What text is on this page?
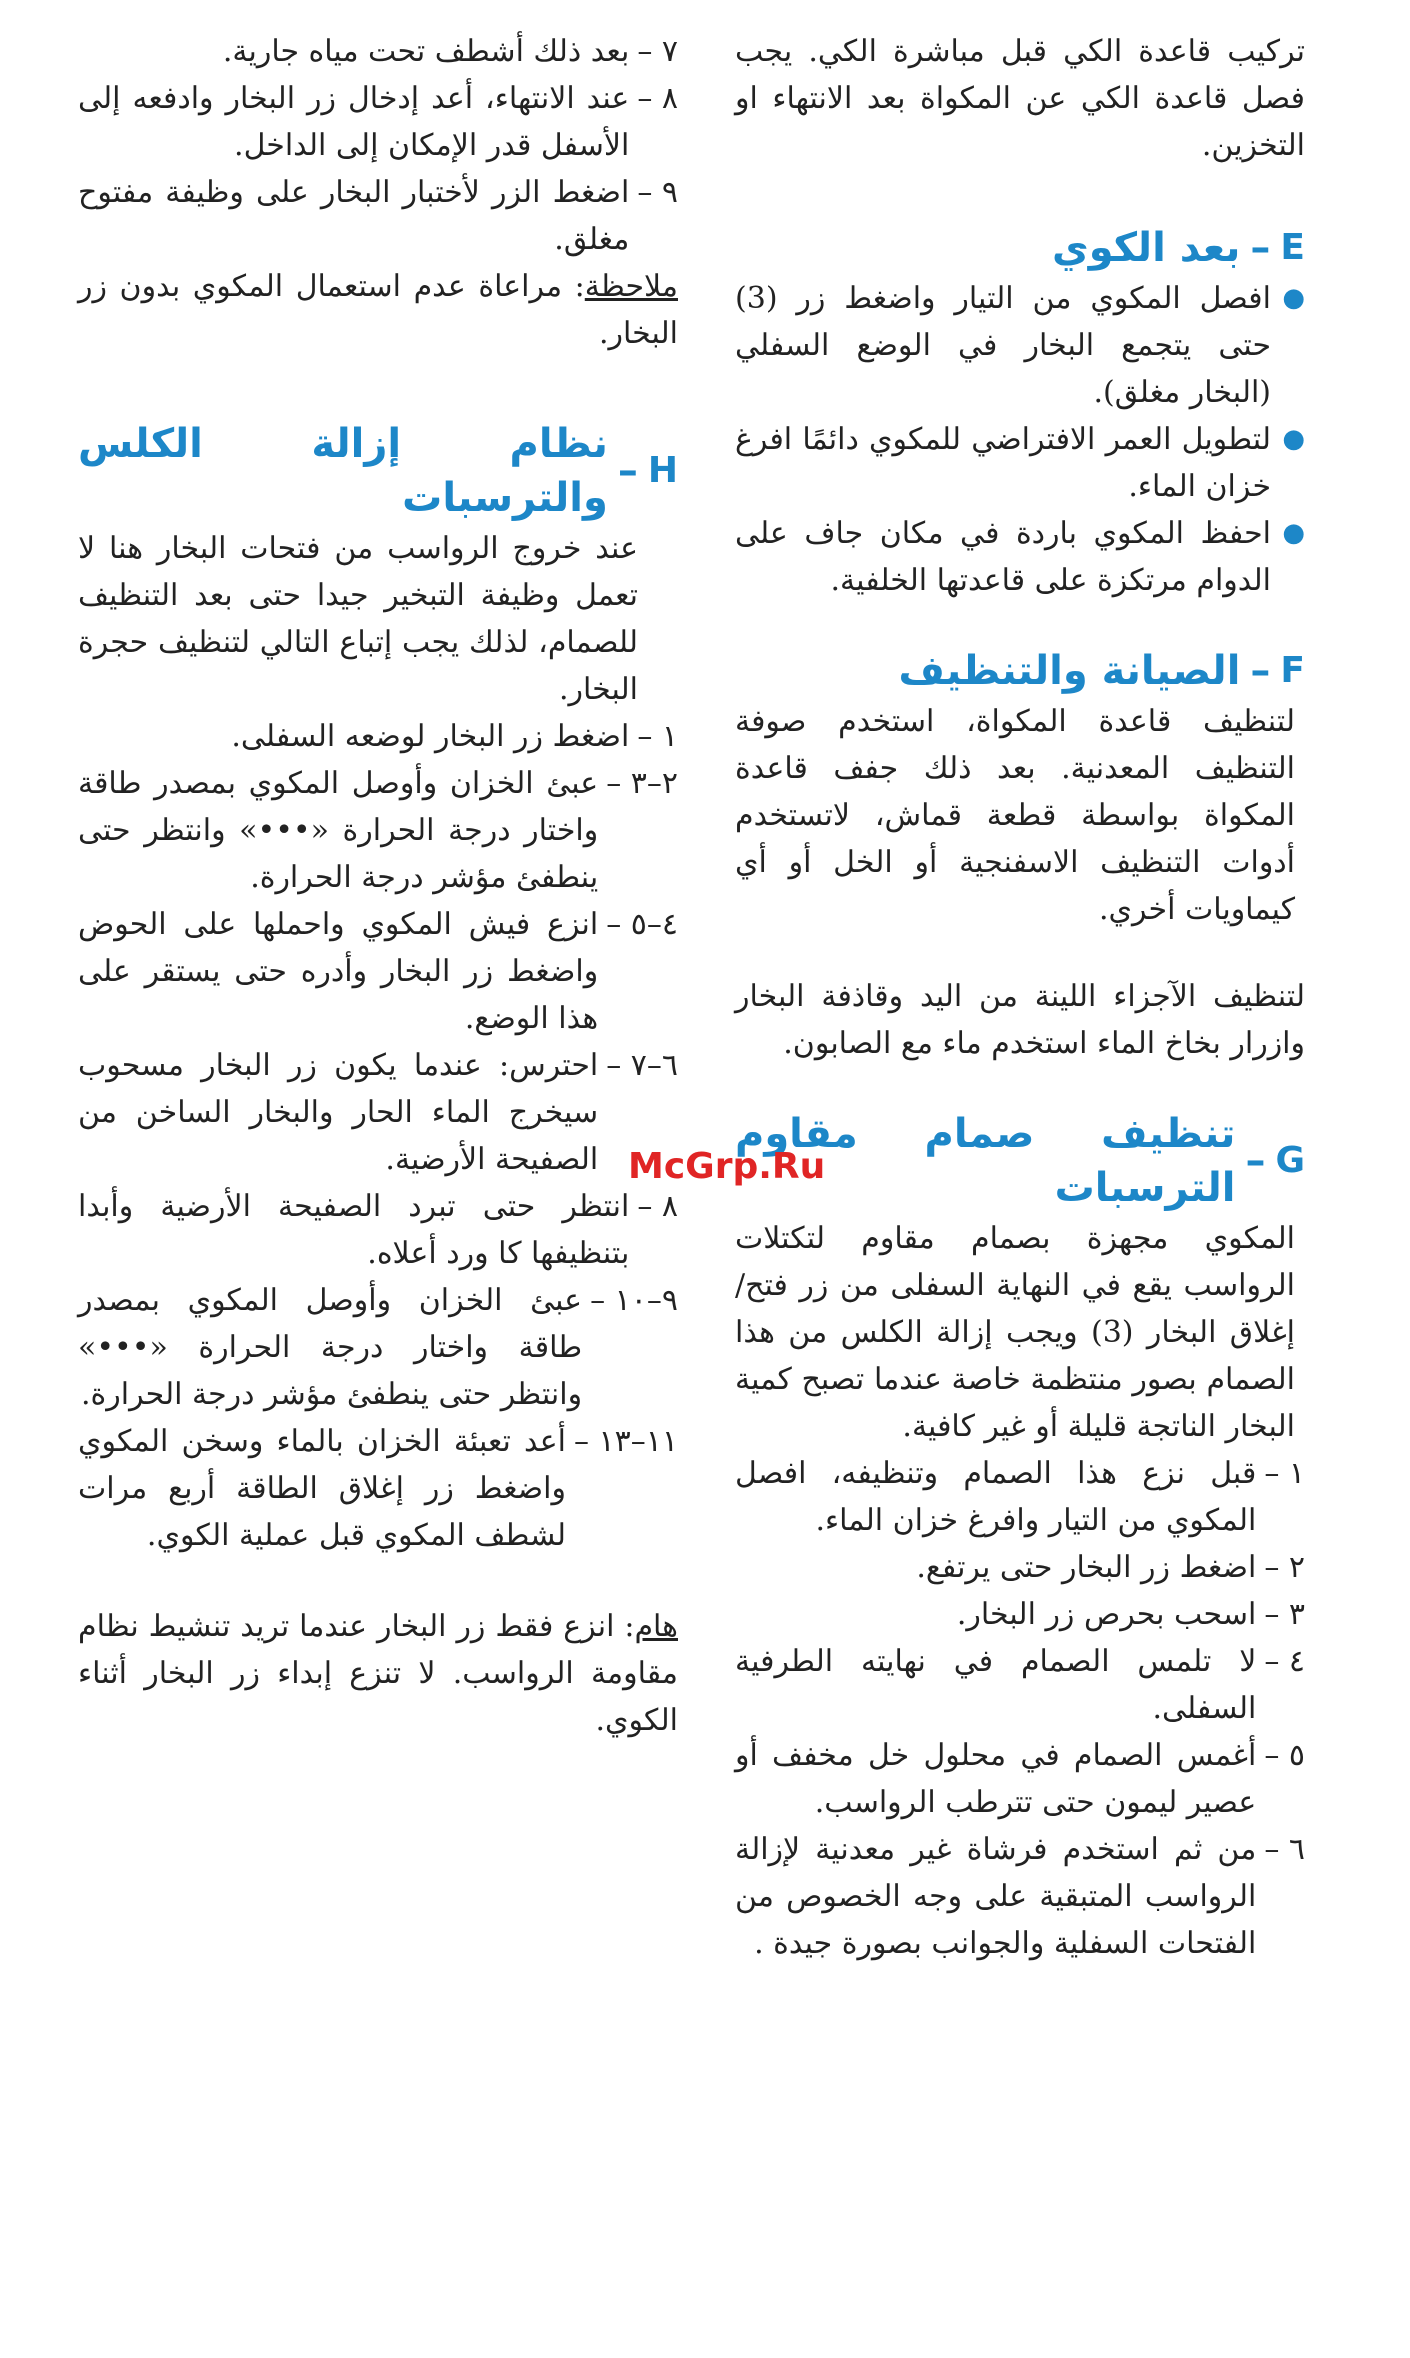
تركيب قاعدة الكي قبل مباشرة الكي. يجب فصل قاعدة الكي عن المكواة بعد الانتهاء او التخزين.

E
–
بعد الكوي
●
افصل المكوي من التيار واضغط زر (3) حتى يتجمع البخار في الوضع السفلي (البخار مغلق).
●
لتطويل العمر الافتراضي للمكوي دائمًا افرغ خزان الماء.
●
احفظ المكوي باردة في مكان جاف على الدوام مرتكزة على قاعدتها الخلفية.
F
–
الصيانة والتنظيف

لتنظيف قاعدة المكواة، استخدم صوفة التنظيف المعدنية. بعد ذلك جفف قاعدة المكواة بواسطة قطعة قماش، لاتستخدم أدوات التنظيف الاسفنجية أو الخل أو أي كيماويات أخري.

لتنظيف الآجزاء اللينة من اليد وقاذفة البخار وازرار بخاخ الماء استخدم ماء مع الصابون.

G
–
تنظيف صمام مقاوم الترسبات

المكوي مجهزة بصمام مقاوم لتكتلات الرواسب يقع في النهاية السفلى من زر فتح/إغلاق البخار (3) ويجب إزالة الكلس من هذا الصمام بصور منتظمة خاصة عندما تصبح كمية البخار الناتجة قليلة أو غير كافية.

١ –
قبل نزع هذا الصمام وتنظيفه، افصل المكوي من التيار وافرغ خزان الماء.
٢ –
اضغط زر البخار حتى يرتفع.
٣ –
اسحب بحرص زر البخار.
٤ –
لا تلمس الصمام في نهايته الطرفية السفلى.
٥ –
أغمس الصمام في محلول خل مخفف أو عصير ليمون حتى تترطب الرواسب.
٦ –
من ثم استخدم فرشاة غير معدنية لإزالة الرواسب المتبقية على وجه الخصوص من الفتحات السفلية والجوانب بصورة جيدة .
٧ –
بعد ذلك أشطف تحت مياه جارية.
٨ –
عند الانتهاء، أعد إدخال زر البخار وادفعه إلى الأسفل قدر الإمكان إلى الداخل.
٩ –
اضغط الزر لأختبار البخار على وظيفة مفتوح مغلق.

ملاحظة: مراعاة عدم استعمال المكوي بدون زر البخار.

H
–
نظام إزالة الكلس والترسبات

عند خروج الرواسب من فتحات البخار هنا لا تعمل وظيفة التبخير جيدا حتى بعد التنظيف للصمام، لذلك يجب إتباع التالي لتنظيف حجرة البخار.

١ –
اضغط زر البخار لوضعه السفلى.
٢–٣ –
عبئ الخزان وأوصل المكوي بمصدر طاقة واختار درجة الحرارة «•••» وانتظر حتى ينطفئ مؤشر درجة الحرارة.
٤–٥ –
انزع فيش المكوي واحملها على الحوض واضغط زر البخار وأدره حتى يستقر على هذا الوضع.
٦–٧ –
احترس: عندما يكون زر البخار مسحوب سيخرج الماء الحار والبخار الساخن من الصفيحة الأرضية.
٨ –
انتظر حتى تبرد الصفيحة الأرضية وأبدا بتنظيفها كا ورد أعلاه.
٩–١٠ –
عبئ الخزان وأوصل المكوي بمصدر طاقة واختار درجة الحرارة «•••» وانتظر حتى ينطفئ مؤشر درجة الحرارة.
١١–١٣ –
أعد تعبئة الخزان بالماء وسخن المكوي واضغط زر إغلاق الطاقة أربع مرات لشطف المكوي قبل عملية الكوي.

هام: انزع فقط زر البخار عندما تريد تنشيط نظام مقاومة الرواسب. لا تنزع إبداء زر البخار أثناء الكوي.

McGrp.Ru
